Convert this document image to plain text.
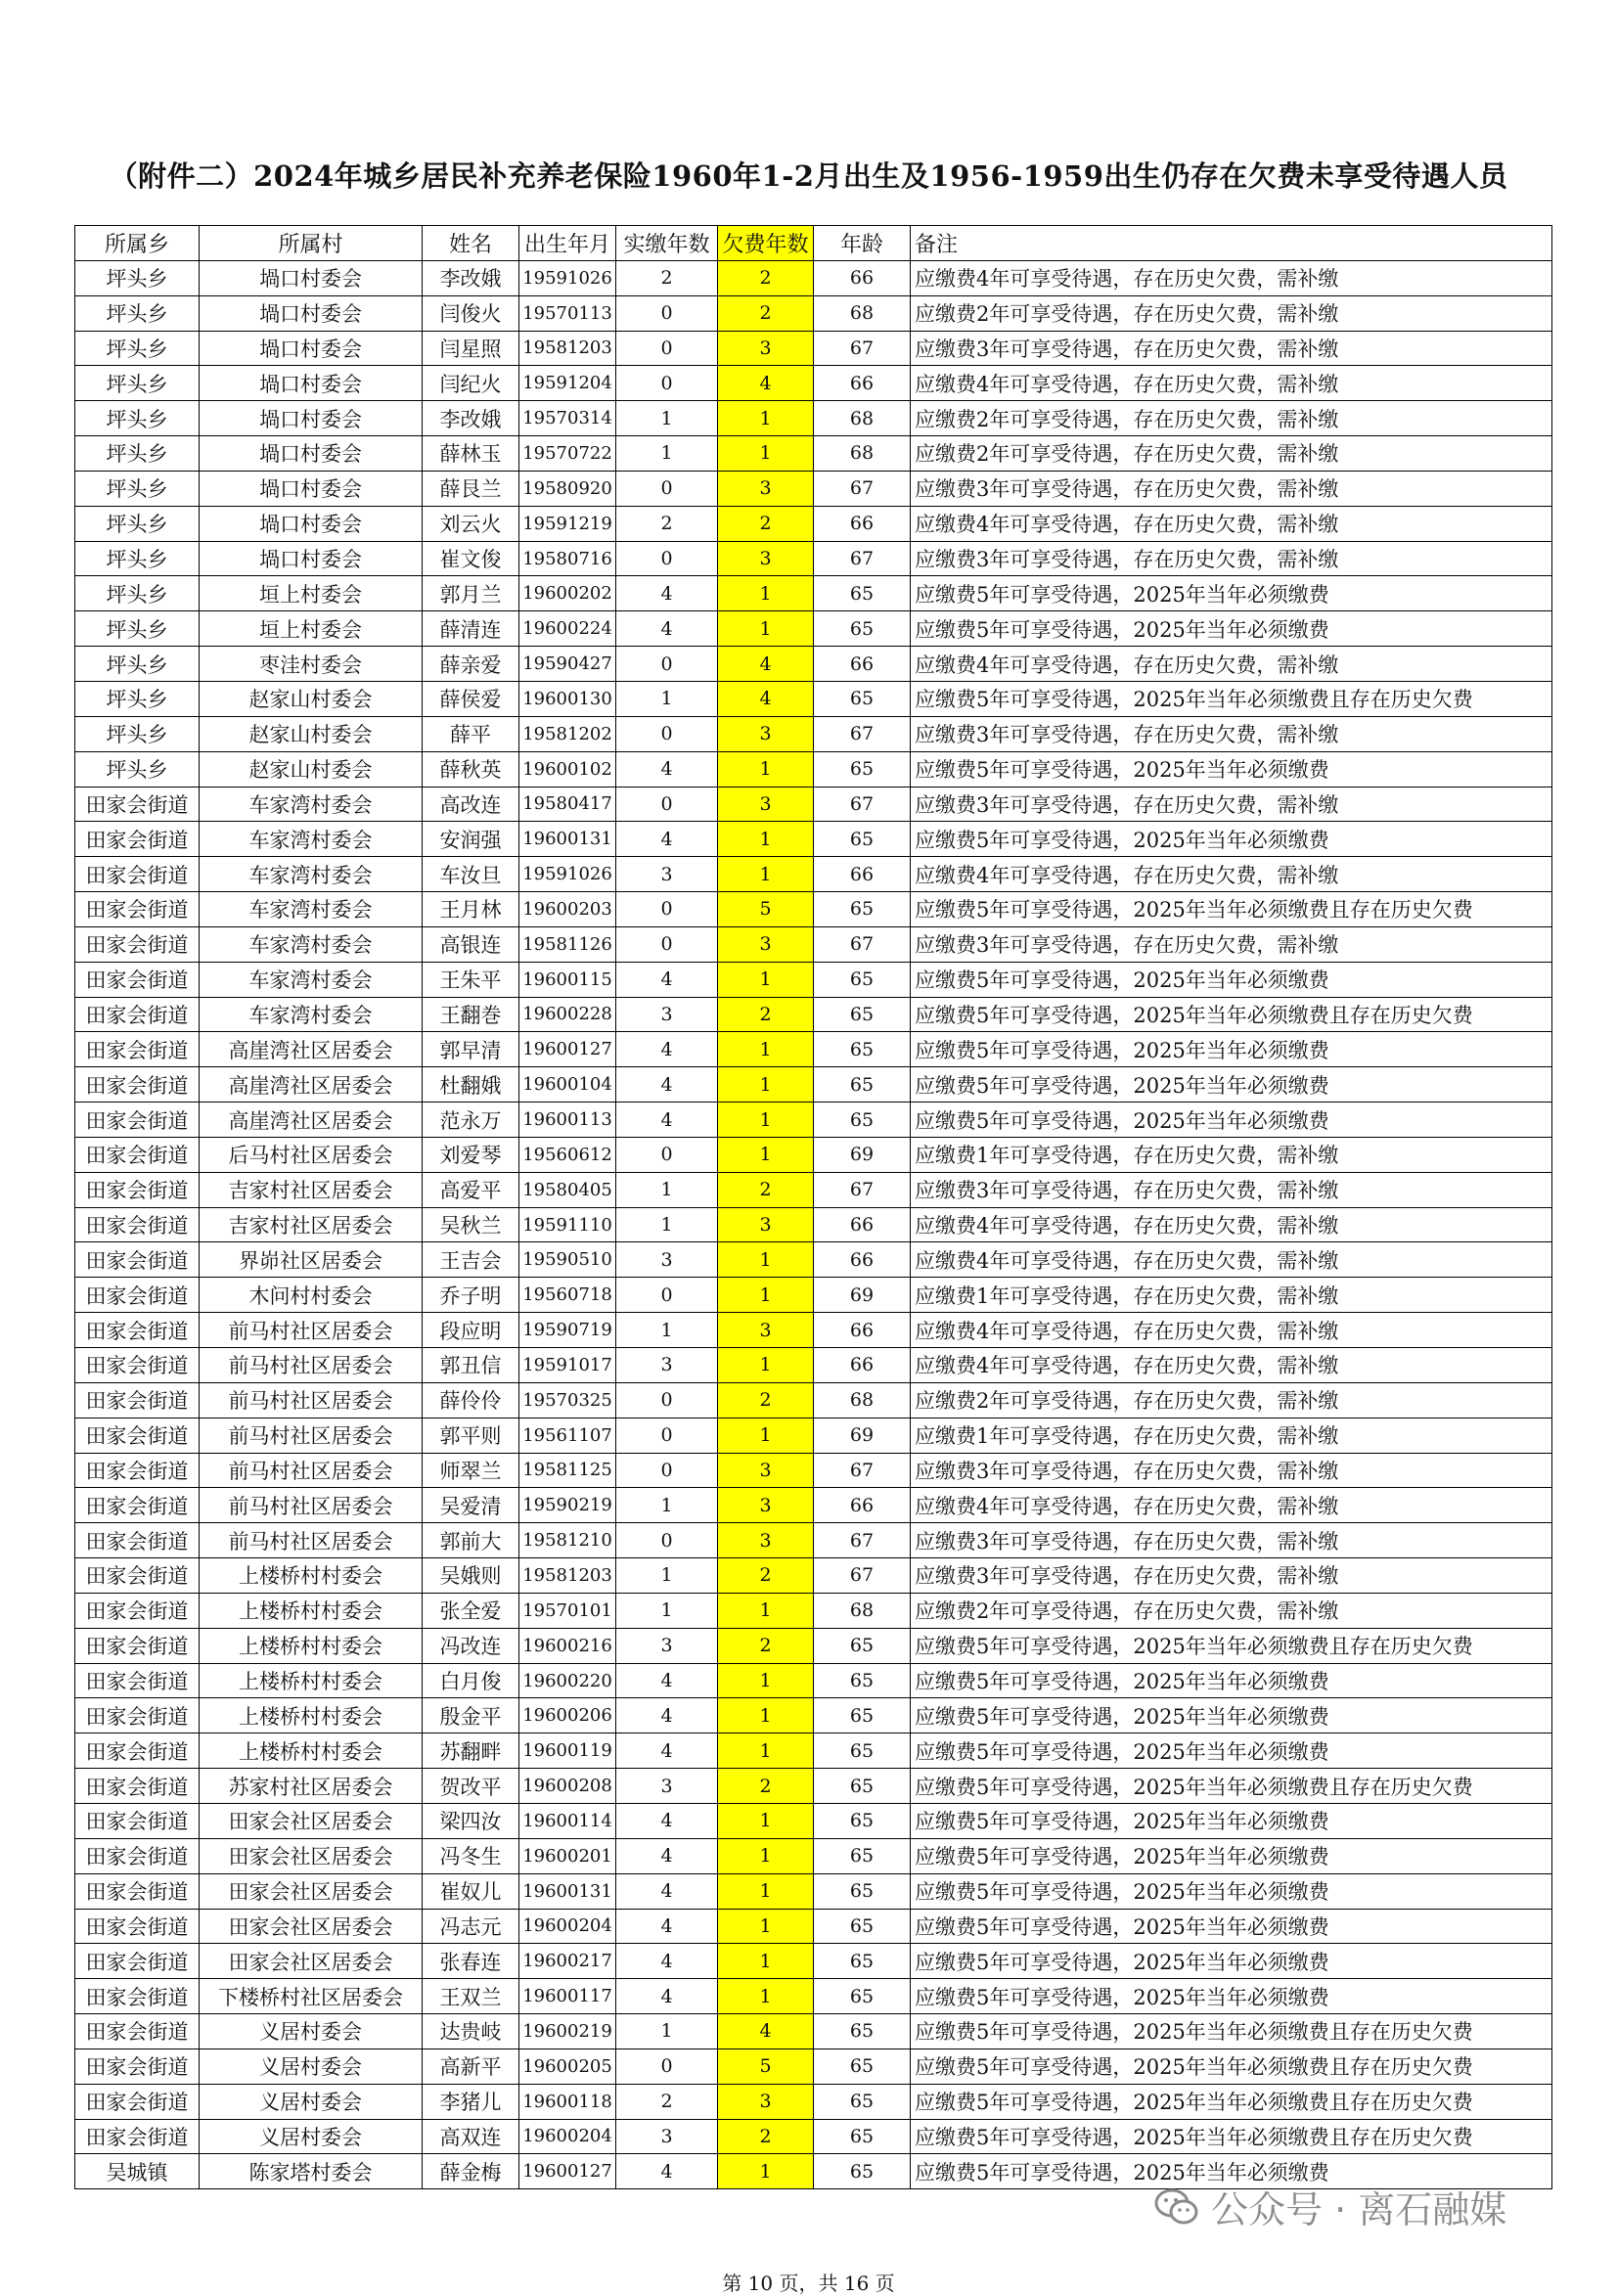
（附件二）2024年城乡居民补充养老保险1960年1-2月出生及1956-1959出生仍存在欠费未享受待遇人员
所属乡	所属村	姓名	出生年月	实缴年数	欠费年数	年龄	备注
坪头乡	堝口村委会	李改娥	19591026	2	2	66	应缴费4年可享受待遇，存在历史欠费，需补缴
坪头乡	堝口村委会	闫俊火	19570113	0	2	68	应缴费2年可享受待遇，存在历史欠费，需补缴
坪头乡	堝口村委会	闫星照	19581203	0	3	67	应缴费3年可享受待遇，存在历史欠费，需补缴
坪头乡	堝口村委会	闫纪火	19591204	0	4	66	应缴费4年可享受待遇，存在历史欠费，需补缴
坪头乡	堝口村委会	李改娥	19570314	1	1	68	应缴费2年可享受待遇，存在历史欠费，需补缴
坪头乡	堝口村委会	薛林玉	19570722	1	1	68	应缴费2年可享受待遇，存在历史欠费，需补缴
坪头乡	堝口村委会	薛艮兰	19580920	0	3	67	应缴费3年可享受待遇，存在历史欠费，需补缴
坪头乡	堝口村委会	刘云火	19591219	2	2	66	应缴费4年可享受待遇，存在历史欠费，需补缴
坪头乡	堝口村委会	崔文俊	19580716	0	3	67	应缴费3年可享受待遇，存在历史欠费，需补缴
坪头乡	垣上村委会	郭月兰	19600202	4	1	65	应缴费5年可享受待遇，2025年当年必须缴费
坪头乡	垣上村委会	薛清连	19600224	4	1	65	应缴费5年可享受待遇，2025年当年必须缴费
坪头乡	枣洼村委会	薛亲爱	19590427	0	4	66	应缴费4年可享受待遇，存在历史欠费，需补缴
坪头乡	赵家山村委会	薛侯爱	19600130	1	4	65	应缴费5年可享受待遇，2025年当年必须缴费且存在历史欠费
坪头乡	赵家山村委会	薛平	19581202	0	3	67	应缴费3年可享受待遇，存在历史欠费，需补缴
坪头乡	赵家山村委会	薛秋英	19600102	4	1	65	应缴费5年可享受待遇，2025年当年必须缴费
田家会街道	车家湾村委会	高改连	19580417	0	3	67	应缴费3年可享受待遇，存在历史欠费，需补缴
田家会街道	车家湾村委会	安润强	19600131	4	1	65	应缴费5年可享受待遇，2025年当年必须缴费
田家会街道	车家湾村委会	车汝旦	19591026	3	1	66	应缴费4年可享受待遇，存在历史欠费，需补缴
田家会街道	车家湾村委会	王月林	19600203	0	5	65	应缴费5年可享受待遇，2025年当年必须缴费且存在历史欠费
田家会街道	车家湾村委会	高银连	19581126	0	3	67	应缴费3年可享受待遇，存在历史欠费，需补缴
田家会街道	车家湾村委会	王朱平	19600115	4	1	65	应缴费5年可享受待遇，2025年当年必须缴费
田家会街道	车家湾村委会	王翻巻	19600228	3	2	65	应缴费5年可享受待遇，2025年当年必须缴费且存在历史欠费
田家会街道	高崖湾社区居委会	郭早清	19600127	4	1	65	应缴费5年可享受待遇，2025年当年必须缴费
田家会街道	高崖湾社区居委会	杜翻娥	19600104	4	1	65	应缴费5年可享受待遇，2025年当年必须缴费
田家会街道	高崖湾社区居委会	范永万	19600113	4	1	65	应缴费5年可享受待遇，2025年当年必须缴费
田家会街道	后马村社区居委会	刘爱琴	19560612	0	1	69	应缴费1年可享受待遇，存在历史欠费，需补缴
田家会街道	吉家村社区居委会	高爱平	19580405	1	2	67	应缴费3年可享受待遇，存在历史欠费，需补缴
田家会街道	吉家村社区居委会	吴秋兰	19591110	1	3	66	应缴费4年可享受待遇，存在历史欠费，需补缴
田家会街道	界峁社区居委会	王吉会	19590510	3	1	66	应缴费4年可享受待遇，存在历史欠费，需补缴
田家会街道	木问村村委会	乔子明	19560718	0	1	69	应缴费1年可享受待遇，存在历史欠费，需补缴
田家会街道	前马村社区居委会	段应明	19590719	1	3	66	应缴费4年可享受待遇，存在历史欠费，需补缴
田家会街道	前马村社区居委会	郭丑信	19591017	3	1	66	应缴费4年可享受待遇，存在历史欠费，需补缴
田家会街道	前马村社区居委会	薛伶伶	19570325	0	2	68	应缴费2年可享受待遇，存在历史欠费，需补缴
田家会街道	前马村社区居委会	郭平则	19561107	0	1	69	应缴费1年可享受待遇，存在历史欠费，需补缴
田家会街道	前马村社区居委会	师翠兰	19581125	0	3	67	应缴费3年可享受待遇，存在历史欠费，需补缴
田家会街道	前马村社区居委会	吴爱清	19590219	1	3	66	应缴费4年可享受待遇，存在历史欠费，需补缴
田家会街道	前马村社区居委会	郭前大	19581210	0	3	67	应缴费3年可享受待遇，存在历史欠费，需补缴
田家会街道	上楼桥村村委会	吴娥则	19581203	1	2	67	应缴费3年可享受待遇，存在历史欠费，需补缴
田家会街道	上楼桥村村委会	张全爱	19570101	1	1	68	应缴费2年可享受待遇，存在历史欠费，需补缴
田家会街道	上楼桥村村委会	冯改连	19600216	3	2	65	应缴费5年可享受待遇，2025年当年必须缴费且存在历史欠费
田家会街道	上楼桥村村委会	白月俊	19600220	4	1	65	应缴费5年可享受待遇，2025年当年必须缴费
田家会街道	上楼桥村村委会	殷金平	19600206	4	1	65	应缴费5年可享受待遇，2025年当年必须缴费
田家会街道	上楼桥村村委会	苏翻畔	19600119	4	1	65	应缴费5年可享受待遇，2025年当年必须缴费
田家会街道	苏家村社区居委会	贺改平	19600208	3	2	65	应缴费5年可享受待遇，2025年当年必须缴费且存在历史欠费
田家会街道	田家会社区居委会	梁四汝	19600114	4	1	65	应缴费5年可享受待遇，2025年当年必须缴费
田家会街道	田家会社区居委会	冯冬生	19600201	4	1	65	应缴费5年可享受待遇，2025年当年必须缴费
田家会街道	田家会社区居委会	崔奴儿	19600131	4	1	65	应缴费5年可享受待遇，2025年当年必须缴费
田家会街道	田家会社区居委会	冯志元	19600204	4	1	65	应缴费5年可享受待遇，2025年当年必须缴费
田家会街道	田家会社区居委会	张春连	19600217	4	1	65	应缴费5年可享受待遇，2025年当年必须缴费
田家会街道	下楼桥村社区居委会	王双兰	19600117	4	1	65	应缴费5年可享受待遇，2025年当年必须缴费
田家会街道	义居村委会	达贵岐	19600219	1	4	65	应缴费5年可享受待遇，2025年当年必须缴费且存在历史欠费
田家会街道	义居村委会	高新平	19600205	0	5	65	应缴费5年可享受待遇，2025年当年必须缴费且存在历史欠费
田家会街道	义居村委会	李猪儿	19600118	2	3	65	应缴费5年可享受待遇，2025年当年必须缴费且存在历史欠费
田家会街道	义居村委会	高双连	19600204	3	2	65	应缴费5年可享受待遇，2025年当年必须缴费且存在历史欠费
吴城镇	陈家塔村委会	薛金梅	19600127	4	1	65	应缴费5年可享受待遇，2025年当年必须缴费
公众号 · 离石融媒
第 10 页，共 16 页
